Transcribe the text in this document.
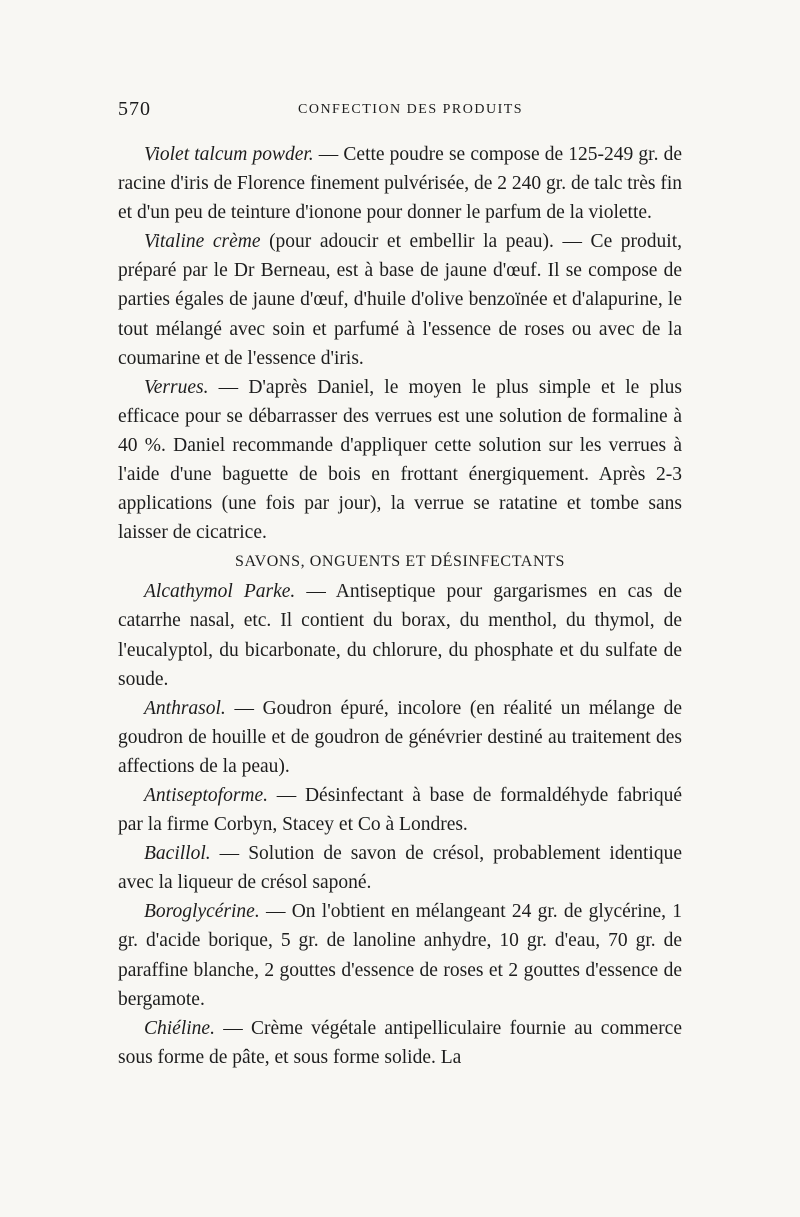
570	CONFECTION DES PRODUITS

Violet talcum powder. — Cette poudre se compose de 125-249 gr. de racine d'iris de Florence finement pulvérisée, de 2 240 gr. de talc très fin et d'un peu de teinture d'ionone pour donner le parfum de la violette.

Vitaline crème (pour adoucir et embellir la peau). — Ce produit, préparé par le Dr Berneau, est à base de jaune d'œuf. Il se compose de parties égales de jaune d'œuf, d'huile d'olive benzoïnée et d'alapurine, le tout mélangé avec soin et parfumé à l'essence de roses ou avec de la coumarine et de l'essence d'iris.

Verrues. — D'après Daniel, le moyen le plus simple et le plus efficace pour se débarrasser des verrues est une solution de formaline à 40 %. Daniel recommande d'appliquer cette solution sur les verrues à l'aide d'une baguette de bois en frottant énergiquement. Après 2-3 applications (une fois par jour), la verrue se ratatine et tombe sans laisser de cicatrice.

SAVONS, ONGUENTS ET DÉSINFECTANTS

Alcathymol Parke. — Antiseptique pour gargarismes en cas de catarrhe nasal, etc. Il contient du borax, du menthol, du thymol, de l'eucalyptol, du bicarbonate, du chlorure, du phosphate et du sulfate de soude.

Anthrasol. — Goudron épuré, incolore (en réalité un mélange de goudron de houille et de goudron de génévrier destiné au traitement des affections de la peau).

Antiseptoforme. — Désinfectant à base de formaldéhyde fabriqué par la firme Corbyn, Stacey et Co à Londres.

Bacillol. — Solution de savon de crésol, probablement identique avec la liqueur de crésol saponé.

Boroglycérine. — On l'obtient en mélangeant 24 gr. de glycérine, 1 gr. d'acide borique, 5 gr. de lanoline anhydre, 10 gr. d'eau, 70 gr. de paraffine blanche, 2 gouttes d'essence de roses et 2 gouttes d'essence de bergamote.

Chiéline. — Crème végétale antipelliculaire fournie au commerce sous forme de pâte, et sous forme solide. La
